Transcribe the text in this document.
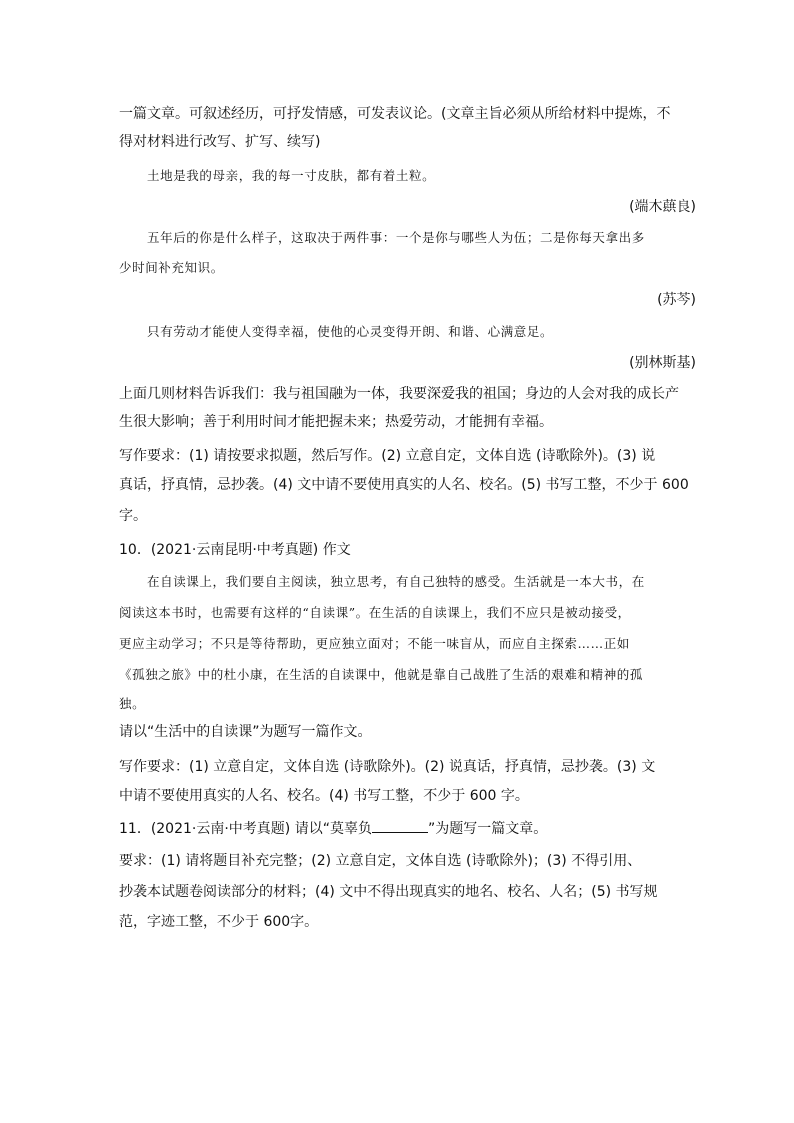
一篇文章。可叙述经历，可抒发情感，可发表议论。(文章主旨必须从所给材料中提炼，不
得对材料进行改写、扩写、续写)
土地是我的母亲，我的每一寸皮肤，都有着土粒。
(端木蕻良)
五年后的你是什么样子，这取决于两件事：一个是你与哪些人为伍；二是你每天拿出多
少时间补充知识。
(苏芩)
只有劳动才能使人变得幸福，使他的心灵变得开朗、和谐、心满意足。
(别林斯基)
上面几则材料告诉我们：我与祖国融为一体，我要深爱我的祖国；身边的人会对我的成长产
生很大影响；善于利用时间才能把握未来；热爱劳动，才能拥有幸福。
写作要求：(1) 请按要求拟题，然后写作。(2) 立意自定，文体自选 (诗歌除外)。(3) 说
真话，抒真情，忌抄袭。(4) 文中请不要使用真实的人名、校名。(5) 书写工整，不少于 600
字。
10．(2021·云南昆明·中考真题) 作文
在自读课上，我们要自主阅读，独立思考，有自己独特的感受。生活就是一本大书，在
阅读这本书时，也需要有这样的“自读课”。在生活的自读课上，我们不应只是被动接受，
更应主动学习；不只是等待帮助，更应独立面对；不能一味盲从，而应自主探索……正如
《孤独之旅》中的杜小康，在生活的自读课中，他就是靠自己战胜了生活的艰难和精神的孤
独。
请以“生活中的自读课”为题写一篇作文。
写作要求：(1) 立意自定，文体自选 (诗歌除外)。(2) 说真话，抒真情，忌抄袭。(3) 文
中请不要使用真实的人名、校名。(4) 书写工整，不少于 600 字。
11．(2021·云南·中考真题) 请以“莫辜负	”为题写一篇文章。
要求：(1) 请将题目补充完整；(2) 立意自定，文体自选 (诗歌除外)；(3) 不得引用、
抄袭本试题卷阅读部分的材料；(4) 文中不得出现真实的地名、校名、人名；(5) 书写规
范，字迹工整，不少于 600字。
